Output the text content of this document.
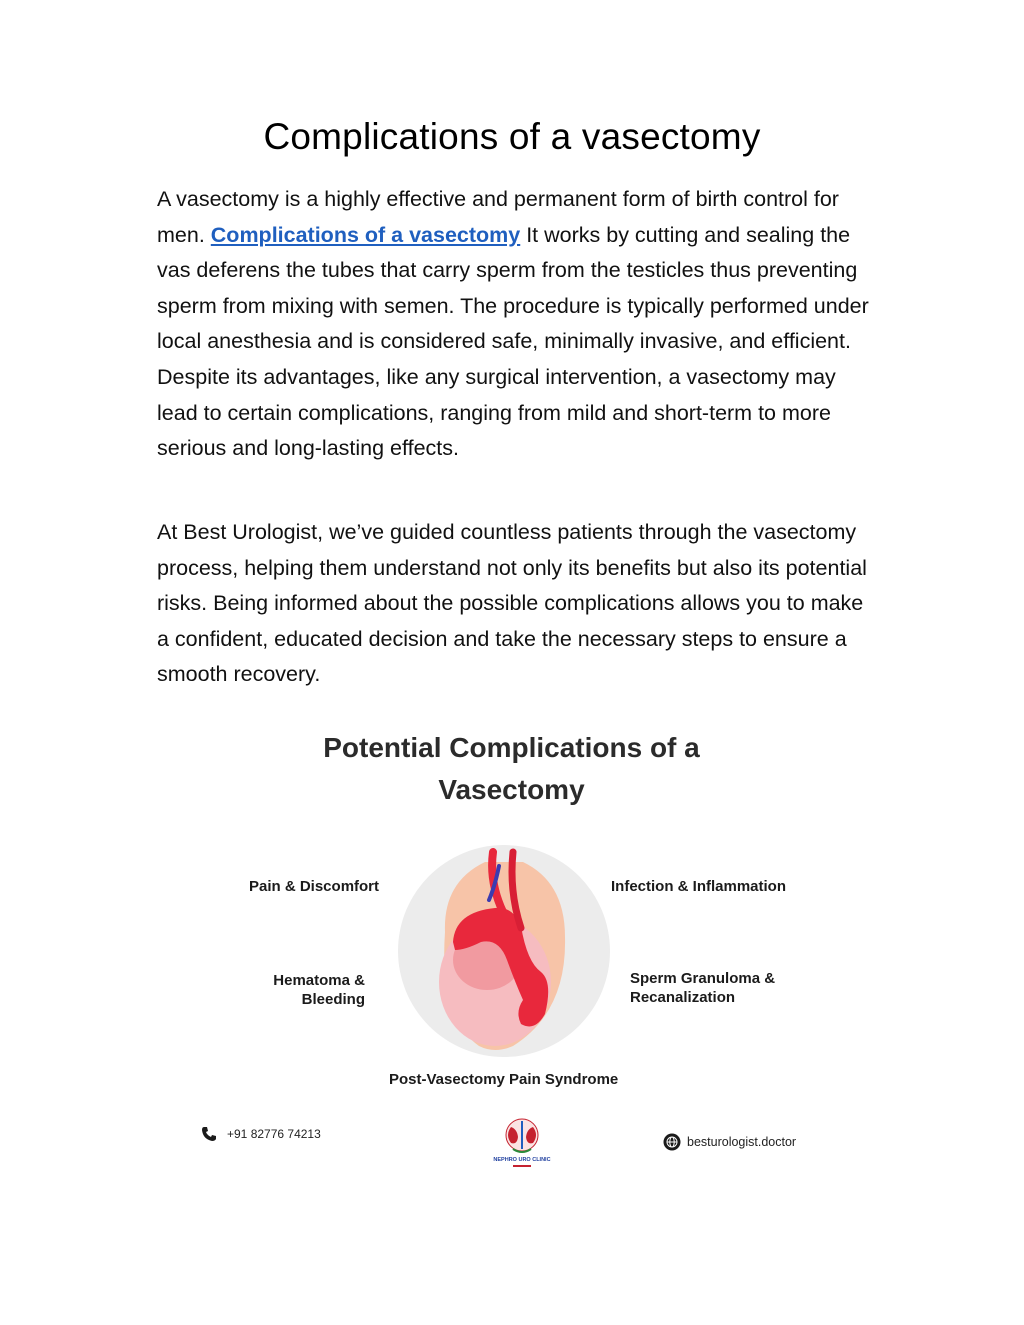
Complications of a vasectomy

A vasectomy is a highly effective and permanent form of birth control for men. Complications of a vasectomy It works by cutting and sealing the vas deferens the tubes that carry sperm from the testicles thus preventing sperm from mixing with semen. The procedure is typically performed under local anesthesia and is considered safe, minimally invasive, and efficient. Despite its advantages, like any surgical intervention, a vasectomy may lead to certain complications, ranging from mild and short-term to more serious and long-lasting effects.

At Best Urologist, we’ve guided countless patients through the vasectomy process, helping them understand not only its benefits but also its potential risks. Being informed about the possible complications allows you to make a confident, educated decision and take the necessary steps to ensure a smooth recovery.

Potential Complications of a
Vasectomy
Pain & Discomfort	Infection & Inflammation
Hematoma &
Bleeding
Sperm Granuloma &
Recanalization
Post-Vasectomy Pain Syndrome
+91 82776 74213
NEPHRO URO CLINIC
besturologist.doctor
